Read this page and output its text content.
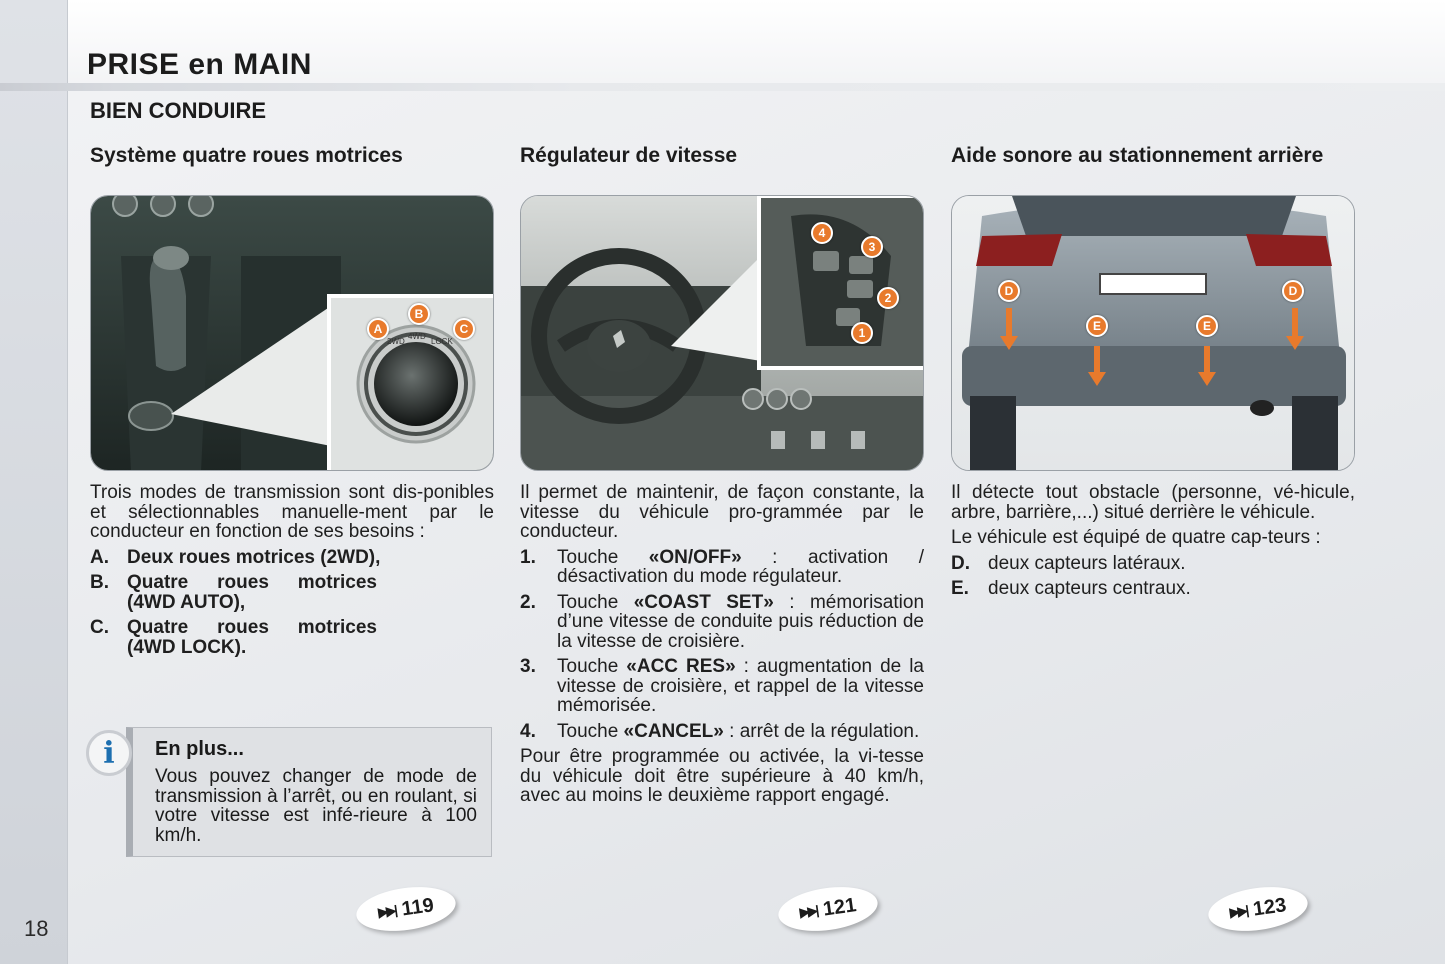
PRISE en MAIN
BIEN CONDUIRE
Système quatre roues motrices
2WD
4WD
LOCK
A
B
C

Trois modes de transmission sont dis-ponibles et sélectionnables manuelle-ment par le conducteur en fonction de ses besoins :

A. Deux roues motrices (2WD),
B. Quatre roues motrices (4WD AUTO),
C. Quatre roues motrices (4WD LOCK).
Régulateur de vitesse
4
3
2
1

Il permet de maintenir, de façon constante, la vitesse du véhicule pro-grammée par le conducteur.

1.	Touche «ON/OFF» : activation / désactivation du mode régulateur.
2.	Touche «COAST SET» : mémorisation d’une vitesse de conduite puis réduction de la vitesse de croisière.
3.	Touche «ACC RES» : augmentation de la vitesse de croisière, et rappel de la vitesse mémorisée.
4.	Touche «CANCEL» : arrêt de la régulation.

Pour être programmée ou activée, la vi-tesse du véhicule doit être supérieure à 40 km/h, avec au moins le deuxième rapport engagé.

Aide sonore au stationnement arrière
D
E	E
D

Il détecte tout obstacle (personne, vé-hicule, arbre, barrière,...) situé derrière le véhicule.

Le véhicule est équipé de quatre cap-teurs :

D. deux capteurs latéraux.
E.	deux capteurs centraux.
En plus...
Vous pouvez changer de mode de transmission à l’arrêt, ou en roulant, si votre vitesse est infé-rieure à 100 km/h.
i
▶▶| 119	▶▶| 121	▶▶| 123
18
